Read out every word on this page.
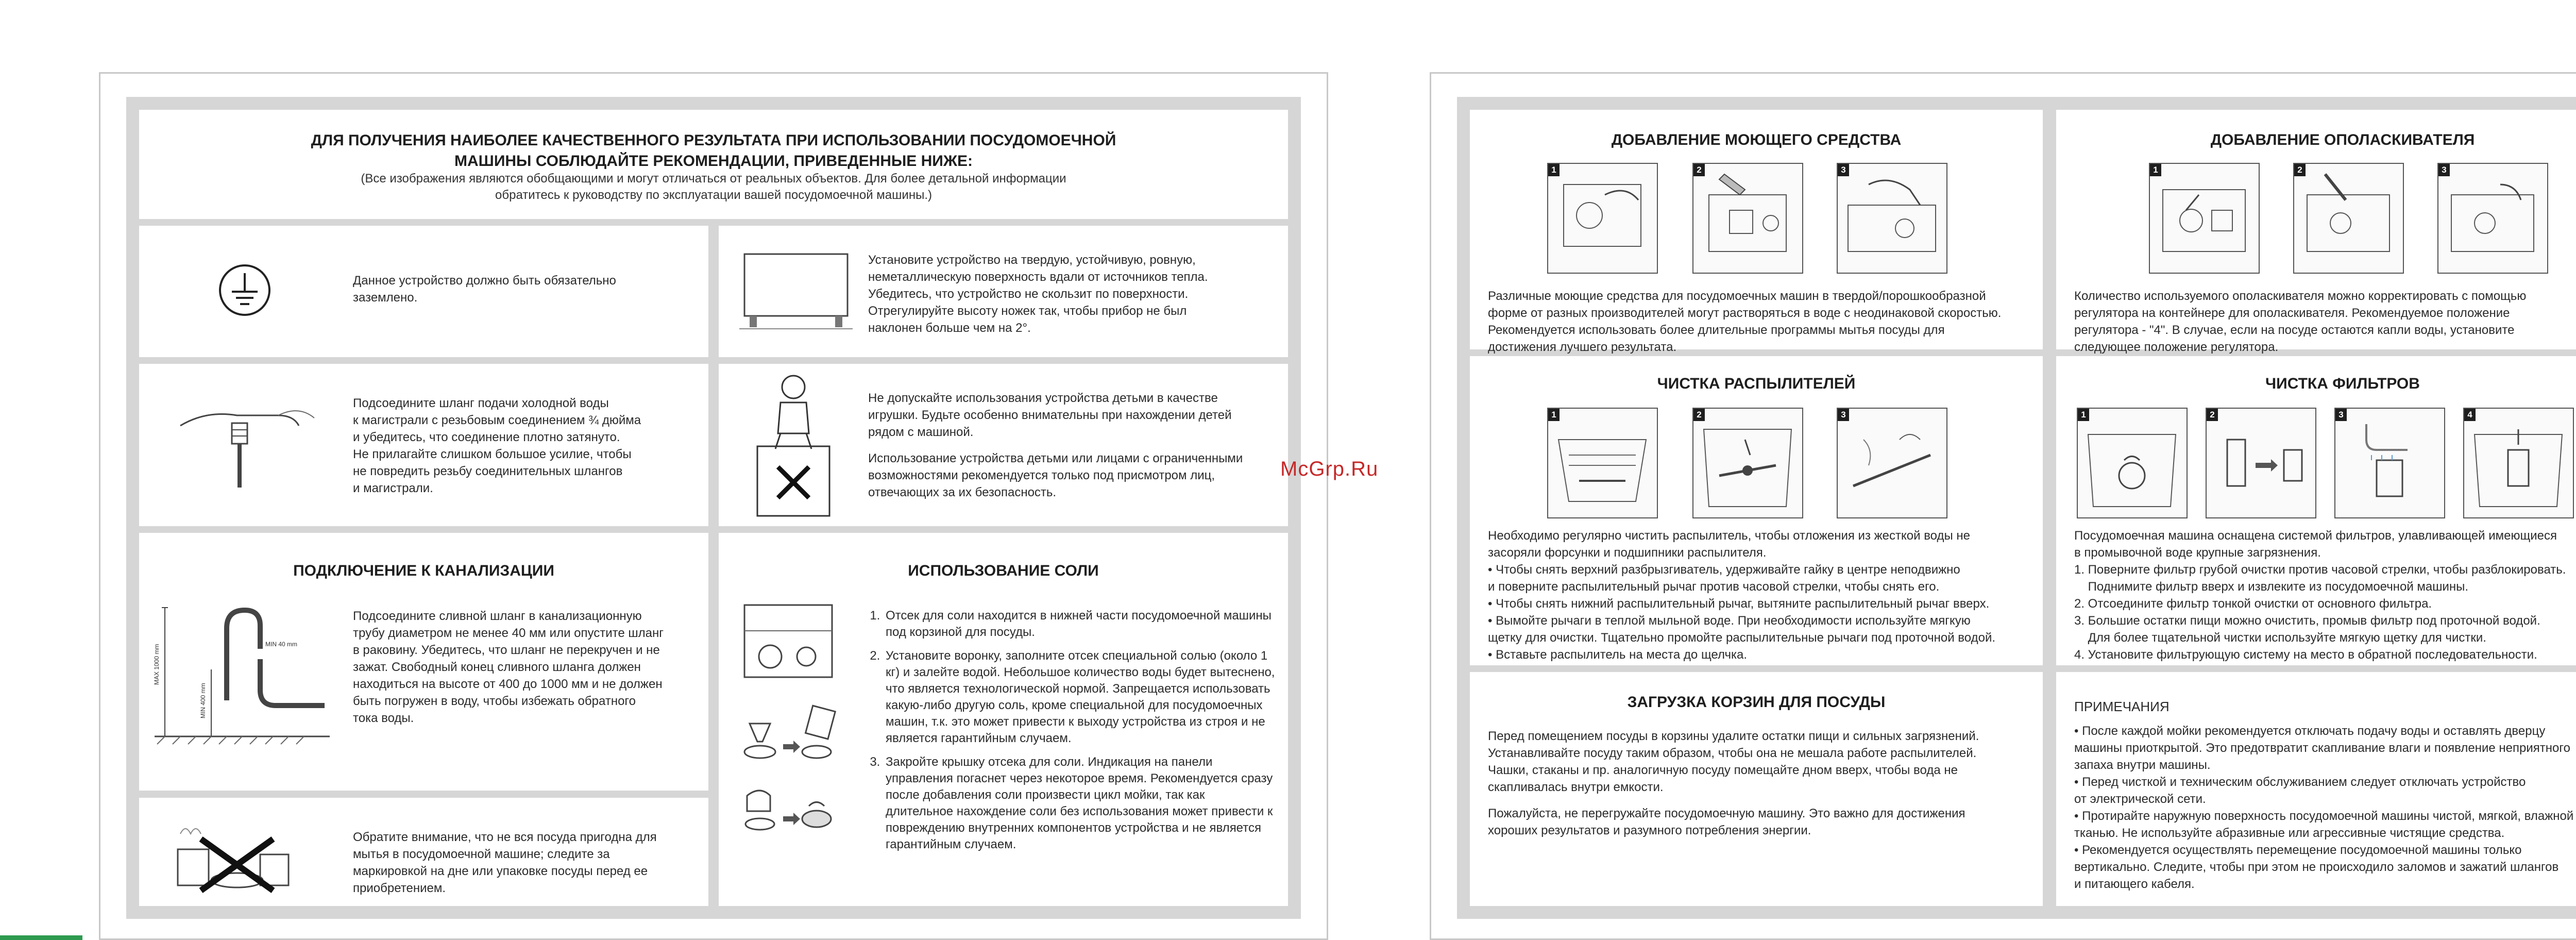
ДЛЯ ПОЛУЧЕНИЯ НАИБОЛЕЕ КАЧЕСТВЕННОГО РЕЗУЛЬТАТА ПРИ ИСПОЛЬЗОВАНИИ ПОСУДОМОЕЧНОЙ
МАШИНЫ СОБЛЮДАЙТЕ РЕКОМЕНДАЦИИ, ПРИВЕДЕННЫЕ НИЖЕ:
(Все изображения являются обобщающими и могут отличаться от реальных объектов. Для более детальной информации
обратитесь к руководству по эксплуатации вашей посудомоечной машины.)

Данное устройство должно быть обязательно

заземлено.

Установите устройство на твердую, устойчивую, ровную,

неметаллическую поверхность вдали от источников тепла.

Убедитесь, что устройство не скользит по поверхности.

Отрегулируйте высоту ножек так, чтобы прибор не был

наклонен больше чем на 2°.

Подсоедините шланг подачи холодной воды

к магистрали с резьбовым соединением ¾ дюйма

и убедитесь, что соединение плотно затянуто.

Не прилагайте слишком большое усилие, чтобы

не повредить резьбу соединительных шлангов

и магистрали.

Не допускайте использования устройства детьми в качестве

игрушки. Будьте особенно внимательны при нахождении детей

рядом с машиной.

Использование устройства детьми или лицами с ограниченными

возможностями рекомендуется только под присмотром лиц,

отвечающих за их безопасность.

ПОДКЛЮЧЕНИЕ К КАНАЛИЗАЦИИ
MAX 1000 mm
MIN 400 mm
MIN 40 mm

Подсоедините сливной шланг в канализационную

трубу диаметром не менее 40 мм или опустите шланг

в раковину. Убедитесь, что шланг не перекручен и не

зажат. Свободный конец сливного шланга должен

находиться на высоте от 400 до 1000 мм и не должен

быть погружен в воду, чтобы избежать обратного

тока воды.

ИСПОЛЬЗОВАНИЕ СОЛИ
1. Отсек для соли находится в нижней части посудомоечной машины под корзиной для посуды.
2. Установите воронку, заполните отсек специальной солью (около 1 кг) и залейте водой. Небольшое количество воды будет вытеснено, что является технологической нормой. Запрещается использовать какую-либо другую соль, кроме специальной для посудомоечных машин, т.к. это может привести к выходу устройства из строя и не является гарантийным случаем.
3. Закройте крышку отсека для соли. Индикация на панели управления погаснет через некоторое время. Рекомендуется сразу после добавления соли произвести цикл мойки, так как длительное нахождение соли без использования может привести к повреждению внутренних компонентов устройства и не является гарантийным случаем.

Обратите внимание, что не вся посуда пригодна для

мытья в посудомоечной машине; следите за

маркировкой на дне или упаковке посуды перед ее

приобретением.

McGrp.Ru
ДОБАВЛЕНИЕ МОЮЩЕГО СРЕДСТВА
1	2	3

Различные моющие средства для посудомоечных машин в твердой/порошкообразной

форме от разных производителей могут растворяться в воде с неодинаковой скоростью.

Рекомендуется использовать более длительные программы мытья посуды для

достижения лучшего результата.

ДОБАВЛЕНИЕ ОПОЛАСКИВАТЕЛЯ
1	2	3

Количество используемого ополаскивателя можно корректировать с помощью

регулятора на контейнере для ополаскивателя. Рекомендуемое положение

регулятора - "4". В случае, если на посуде остаются капли воды, установите

следующее положение регулятора.

ЧИСТКА РАСПЫЛИТЕЛЕЙ
1	2	3

Необходимо регулярно чистить распылитель, чтобы отложения из жесткой воды не

засоряли форсунки и подшипники распылителя.

• Чтобы снять верхний разбрызгиватель, удерживайте гайку в центре неподвижно

и поверните распылительный рычаг против часовой стрелки, чтобы снять его.

• Чтобы снять нижний распылительный рычаг, вытяните распылительный рычаг вверх.

• Вымойте рычаги в теплой мыльной воде. При необходимости используйте мягкую

щетку для очистки. Тщательно промойте распылительные рычаги под проточной водой.

• Вставьте распылитель на места до щелчка.

ЧИСТКА ФИЛЬТРОВ
1	2	3	4

Посудомоечная машина оснащена системой фильтров, улавливающей имеющиеся

в промывочной воде крупные загрязнения.

1. Поверните фильтр грубой очистки против часовой стрелки, чтобы разблокировать.

Поднимите фильтр вверх и извлеките из посудомоечной машины.

2. Отсоедините фильтр тонкой очистки от основного фильтра.

3. Большие остатки пищи можно очистить, промыв фильтр под проточной водой.

Для более тщательной чистки используйте мягкую щетку для чистки.

4. Установите фильтрующую систему на место в обратной последовательности.

ЗАГРУЗКА КОРЗИН ДЛЯ ПОСУДЫ

Перед помещением посуды в корзины удалите остатки пищи и сильных загрязнений.

Устанавливайте посуду таким образом, чтобы она не мешала работе распылителей.

Чашки, стаканы и пр. аналогичную посуду помещайте дном вверх, чтобы вода не

скапливалась внутри емкости.

Пожалуйста, не перегружайте посудомоечную машину. Это важно для достижения

хороших результатов и разумного потребления энергии.

ПРИМЕЧАНИЯ

• После каждой мойки рекомендуется отключать подачу воды и оставлять дверцу

машины приоткрытой. Это предотвратит скапливание влаги и появление неприятного

запаха внутри машины.

• Перед чисткой и техническим обслуживанием следует отключать устройство

от электрической сети.

• Протирайте наружную поверхность посудомоечной машины чистой, мягкой, влажной

тканью. Не используйте абразивные или агрессивные чистящие средства.

• Рекомендуется осуществлять перемещение посудомоечной машины только

вертикально. Следите, чтобы при этом не происходило заломов и зажатий шлангов

и питающего кабеля.
